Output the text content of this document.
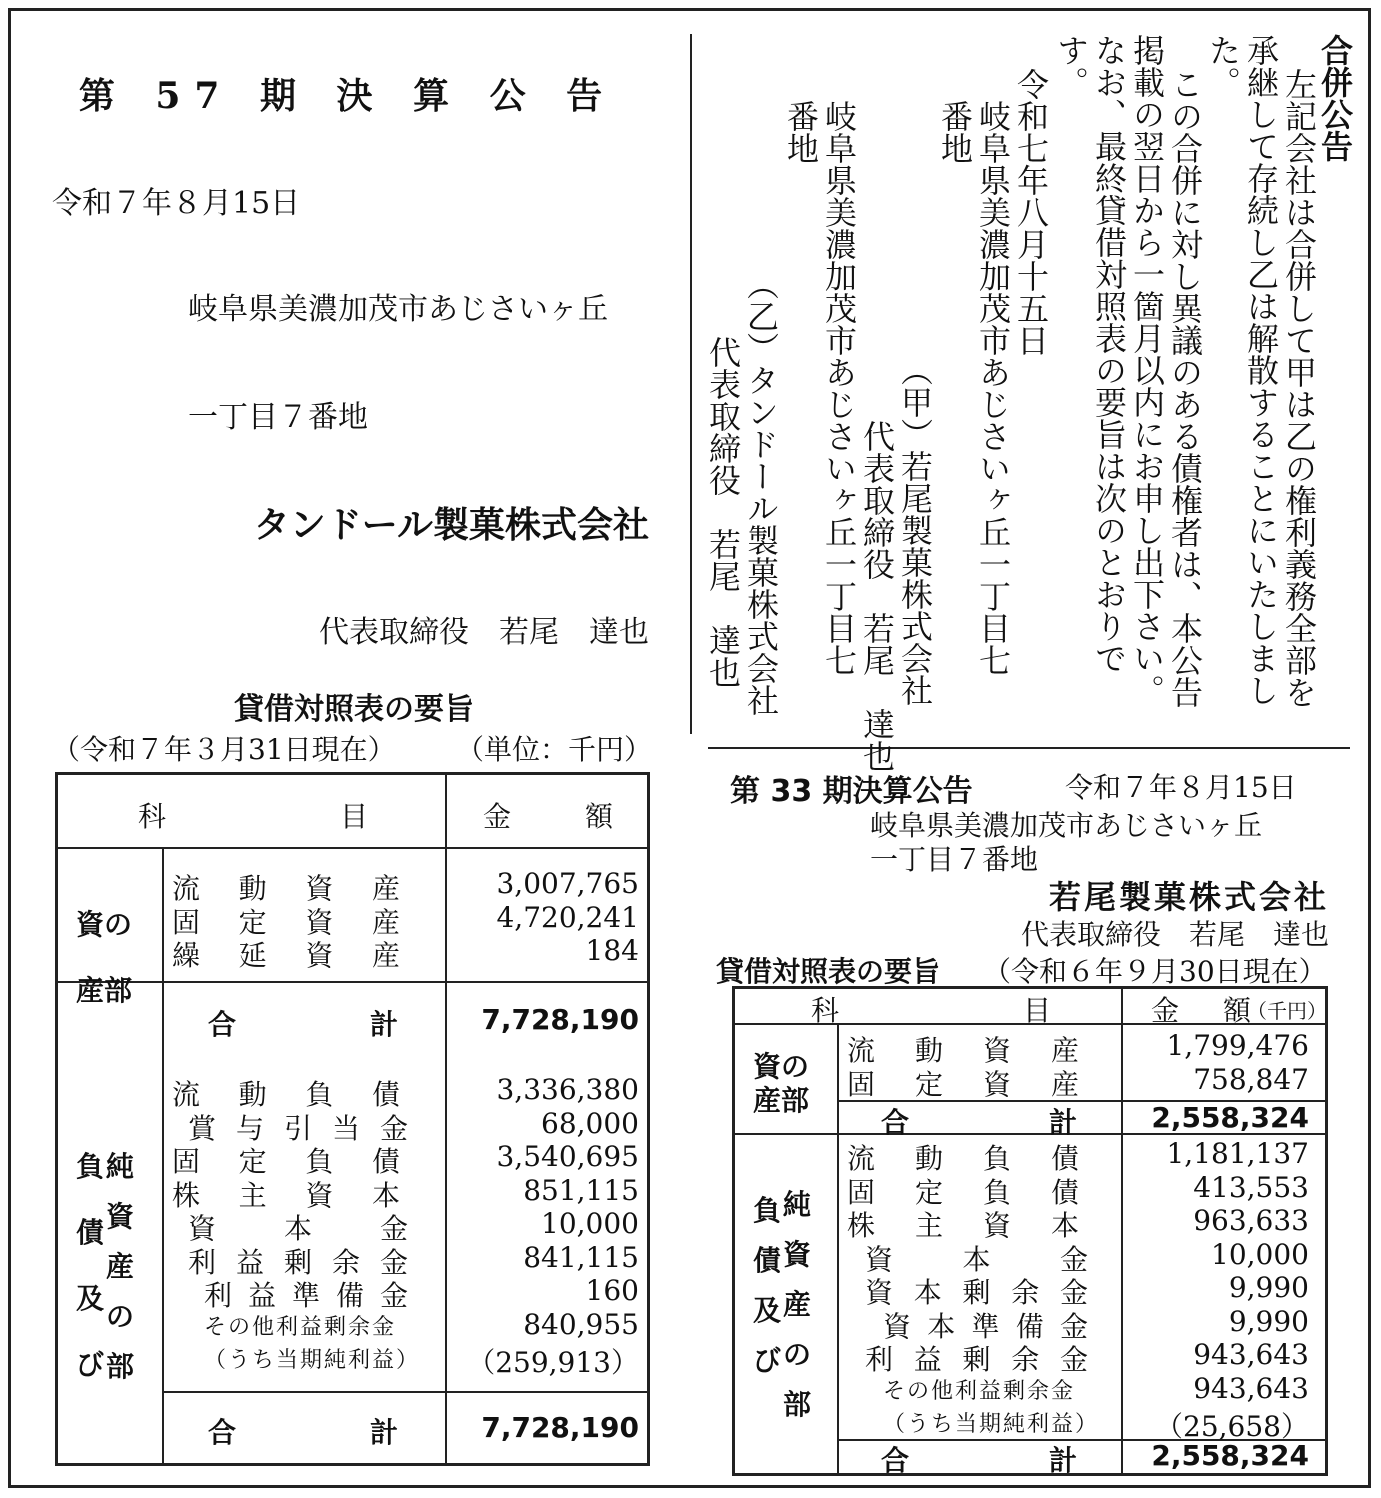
第 57 期 決 算 公 告
令和７年８月15日
岐阜県美濃加茂市あじさいヶ丘
一丁目７番地
タンドール製菓株式会社
代表取締役　若尾　達也
貸借対照表の要旨
（令和７年３月31日現在） （単位：千円）
科	目	金	額
資の
産部
流 動 資 産	3,007,765
固 定 資 産	4,720,241
繰 延 資 産	184
合	計	7,728,190
負
債
及
び
純
資
産
の
部
流 動 負 債	3,336,380
賞 与 引 当 金	68,000
固 定 負 債	3,540,695
株 主 資 本	851,115
資 本 金	10,000
利 益 剰 余 金	841,115
利 益 準 備 金	160
その他利益剰余金	840,955
（うち当期純利益）	（259,913）
合	計	7,728,190
合併公告
左記会社は合併して甲は乙の権利義務全部を
承継して存続し乙は解散することにいたしまし
た。
この合併に対し異議のある債権者は、本公告
掲載の翌日から一箇月以内にお申し出下さい。
なお、最終貸借対照表の要旨は次のとおりで
す。
令和七年八月十五日
岐阜県美濃加茂市あじさいヶ丘一丁目七
番地
（甲）若尾製菓株式会社
代表取締役　若尾　達也
岐阜県美濃加茂市あじさいヶ丘一丁目七
番地
（乙）タンドール製菓株式会社
代表取締役　若尾　達也
第 33 期決算公告	令和７年８月15日
岐阜県美濃加茂市あじさいヶ丘
一丁目７番地
若尾製菓株式会社
代表取締役　若尾　達也
貸借対照表の要旨 （令和６年９月30日現在）
科	目	金 額
（千円）
資の
産部
流 動 資 産	1,799,476
固 定 資 産	758,847
合	計	2,558,324
負
債
及
び
純
資
産
の
部
流 動 負 債	1,181,137
固 定 負 債	413,553
株 主 資 本	963,633
資 本 金	10,000
資 本 剰 余 金	9,990
資 本 準 備 金	9,990
利 益 剰 余 金	943,643
その他利益剰余金	943,643
（うち当期純利益）	（25,658）
合	計	2,558,324
